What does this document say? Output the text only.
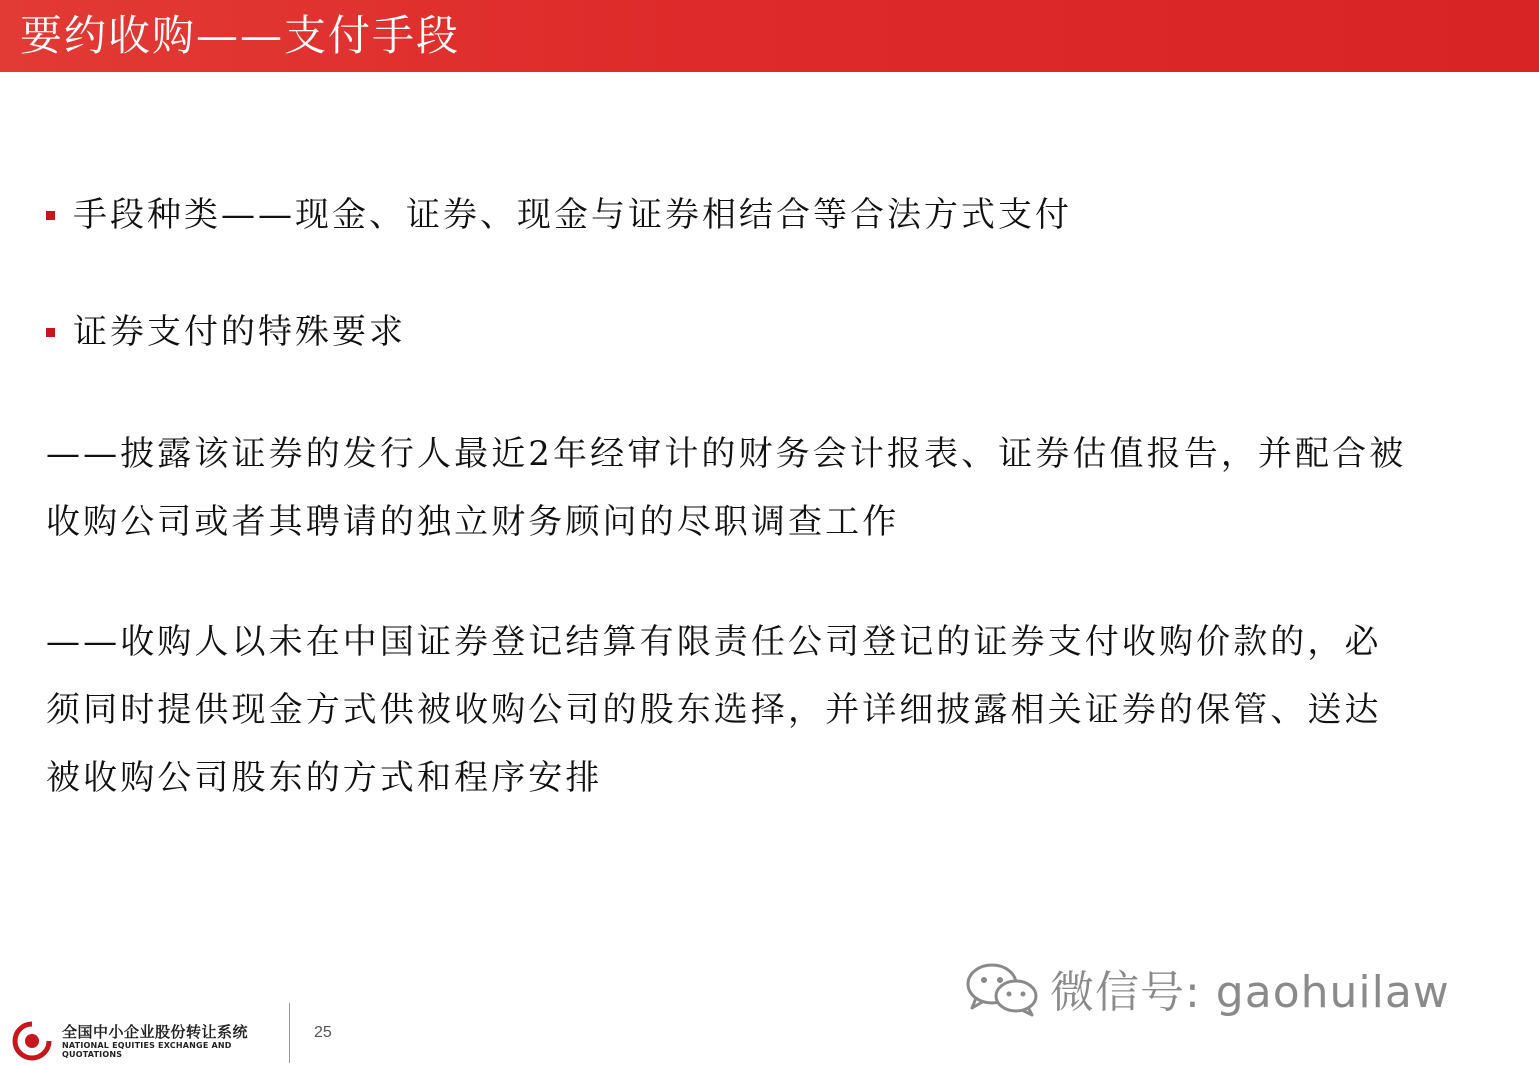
要约收购——支付手段
手段种类——现金、证券、现金与证券相结合等合法方式支付
证券支付的特殊要求
——披露该证券的发行人最近2年经审计的财务会计报表、证券估值报告，并配合被
收购公司或者其聘请的独立财务顾问的尽职调查工作
——收购人以未在中国证券登记结算有限责任公司登记的证券支付收购价款的，必
须同时提供现金方式供被收购公司的股东选择，并详细披露相关证券的保管、送达
被收购公司股东的方式和程序安排
微信号: gaohuilaw
全国中小企业股份转让系统
NATIONAL EQUITIES EXCHANGE AND QUOTATIONS
25
